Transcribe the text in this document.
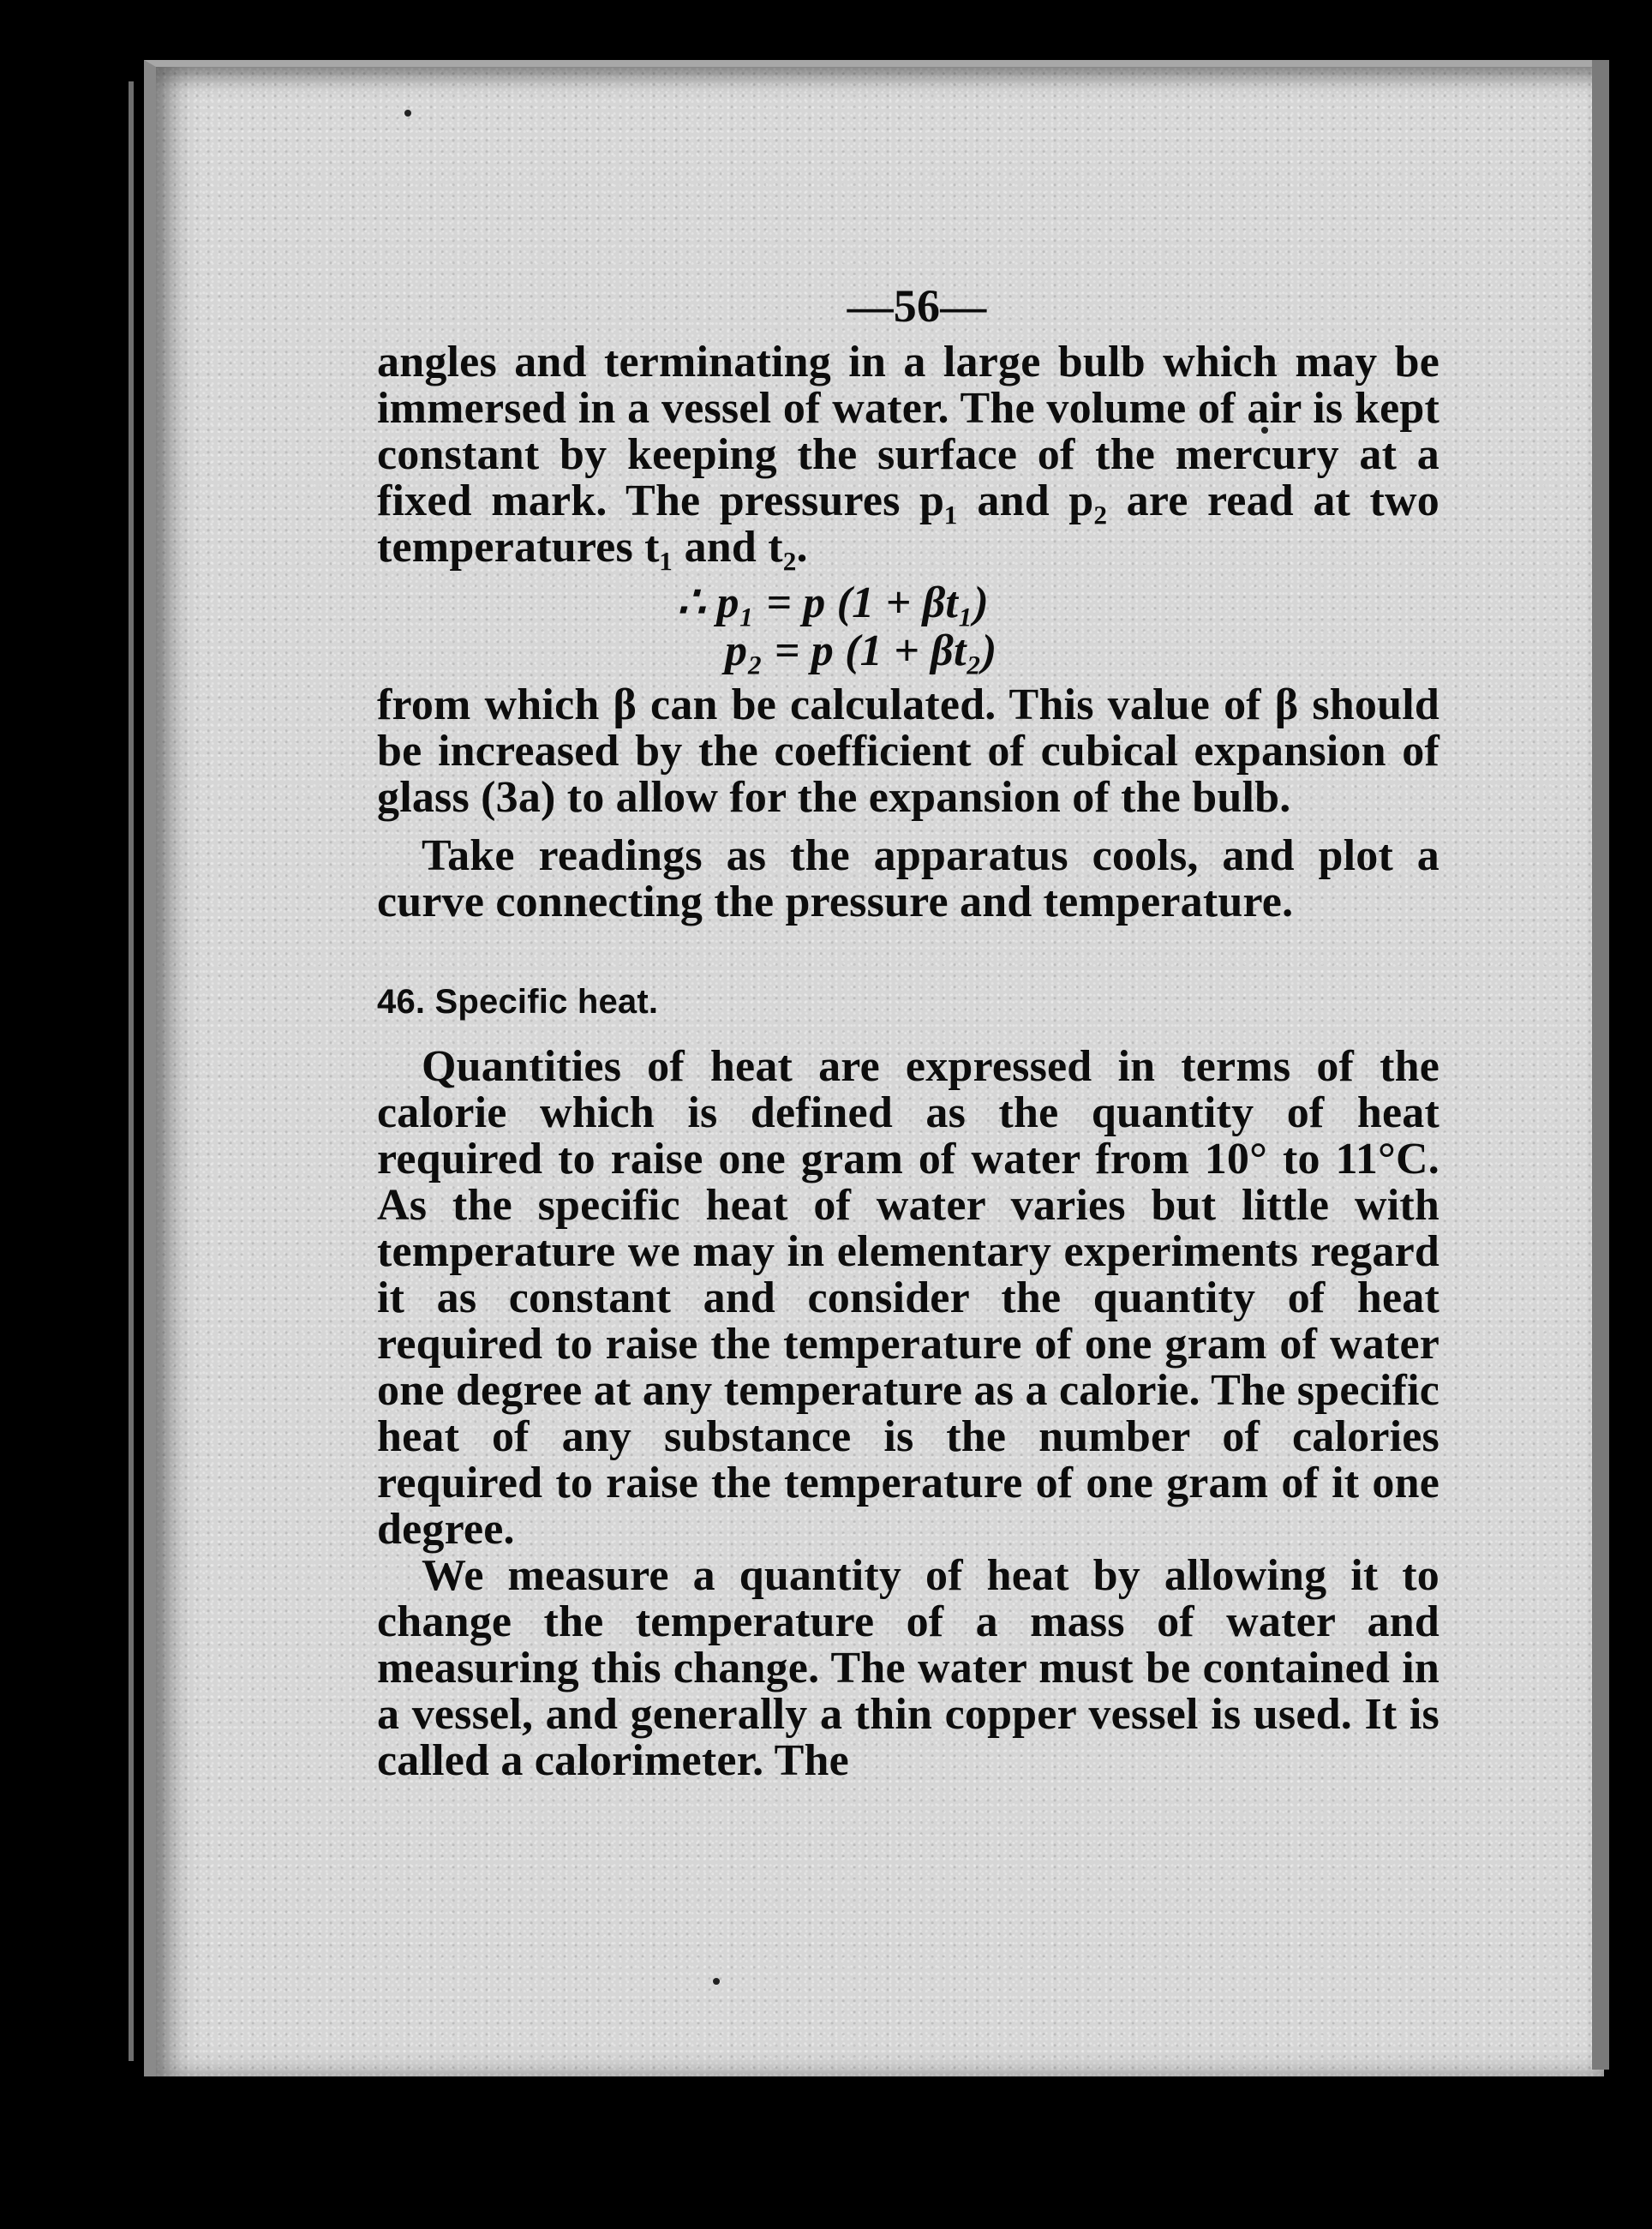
—56—

angles and terminating in a large bulb which may be immersed in a vessel of water. The volume of air is kept constant by keeping the surface of the mercury at a fixed mark. The pressures p₁ and p₂ are read at two temperatures t₁ and t₂.

∴ p₁ = p (1 + βt₁)
p₂ = p (1 + βt₂)

from which β can be calculated. This value of β should be increased by the coefficient of cubical expansion of glass (3a) to allow for the expansion of the bulb.

Take readings as the apparatus cools, and plot a curve connecting the pressure and temperature.

46. Specific heat.

Quantities of heat are expressed in terms of the calorie which is defined as the quantity of heat required to raise one gram of water from 10° to 11°C. As the specific heat of water varies but little with temperature we may in elementary experiments regard it as constant and consider the quantity of heat required to raise the temperature of one gram of water one degree at any temperature as a calorie. The specific heat of any substance is the number of calories required to raise the temperature of one gram of it one degree.

We measure a quantity of heat by allowing it to change the temperature of a mass of water and measuring this change. The water must be contained in a vessel, and generally a thin copper vessel is used. It is called a calorimeter. The
